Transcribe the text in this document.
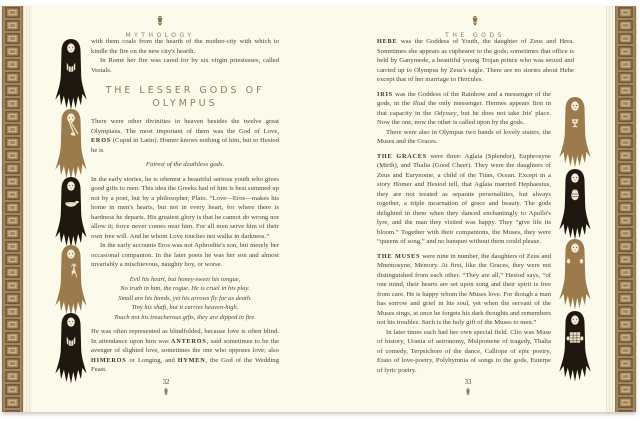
MYTHOLOGY	THE GODS
with them coals from the hearth of the mother-city with which to kindle the fire on the new city's hearth.
In Rome her fire was cared for by six virgin priestesses, called Vestals.
THE LESSER GODS OF
OLYMPUS
There were other divinities in heaven besides the twelve great Olympians. The most important of them was the God of Love, EROS (Cupid in Latin). Homer knows nothing of him, but to Hesiod he is
Fairest of the deathless gods.
In the early stories, he is oftenest a beautiful serious youth who gives good gifts to men. This idea the Greeks had of him is best summed up not by a poet, but by a philosopher, Plato. “Love—Eros—makes his home in men's hearts, but not in every heart, for where there is hardness he departs. His greatest glory is that he cannot do wrong nor allow it; force never comes near him. For all men serve him of their own free will. And he whom Love touches not walks in darkness.”
In the early accounts Eros was not Aphrodite's son, but merely her occasional companion. In the later poets he was her son and almost invariably a mischievous, naughty boy, or worse.
Evil his heart, but honey-sweet his tongue,
No truth in him, the rogue. He is cruel in his play.
Small are his hands, yet his arrows fly far as death.
Tiny his shaft, but it carries heaven-high.
Touch not his treacherous gifts, they are dipped in fire.
He was often represented as blindfolded, because love is often blind. In attendance upon him was ANTEROS, said sometimes to be the avenger of slighted love, sometimes the one who opposes love; also HIMEROS or Longing, and HYMEN, the God of the Wedding Feast.
HEBE was the Goddess of Youth, the daughter of Zeus and Hera. Sometimes she appears as cupbearer to the gods; sometimes that office is held by Ganymede, a beautiful young Trojan prince who was seized and carried up to Olympus by Zeus's eagle. There are no stories about Hebe except that of her marriage to Hercules.
IRIS was the Goddess of the Rainbow and a messenger of the gods, in the Iliad the only messenger. Hermes appears first in that capacity in the Odyssey, but he does not take Iris' place. Now the one, now the other is called upon by the gods.
There were also in Olympus two bands of lovely sisters, the Muses and the Graces.
THE GRACES were three: Aglaia (Splendor), Euphrosyne (Mirth), and Thalia (Good Cheer). They were the daughters of Zeus and Eurynome, a child of the Titan, Ocean. Except in a story Homer and Hesiod tell, that Aglaia married Hephaestus, they are not treated as separate personalities, but always together, a triple incarnation of grace and beauty. The gods delighted in them when they danced enchantingly to Apollo's lyre, and the man they visited was happy. They “give life its bloom.” Together with their companions, the Muses, they were “queens of song,” and no banquet without them could please.
THE MUSES were nine in number, the daughters of Zeus and Mnemosyne, Memory. At first, like the Graces, they were not distinguished from each other. “They are all,” Hesiod says, “of one mind, their hearts are set upon song and their spirit is free from care. He is happy whom the Muses love. For though a man has sorrow and grief in his soul, yet when the servant of the Muses sings, at once he forgets his dark thoughts and remembers not his troubles. Such is the holy gift of the Muses to men.”
In later times each had her own special field. Clio was Muse of history, Urania of astronomy, Melpomene of tragedy, Thalia of comedy, Terpsichore of the dance, Calliope of epic poetry, Erato of love-poetry, Polyhymnia of songs to the gods, Euterpe of lyric poetry.
32	33
